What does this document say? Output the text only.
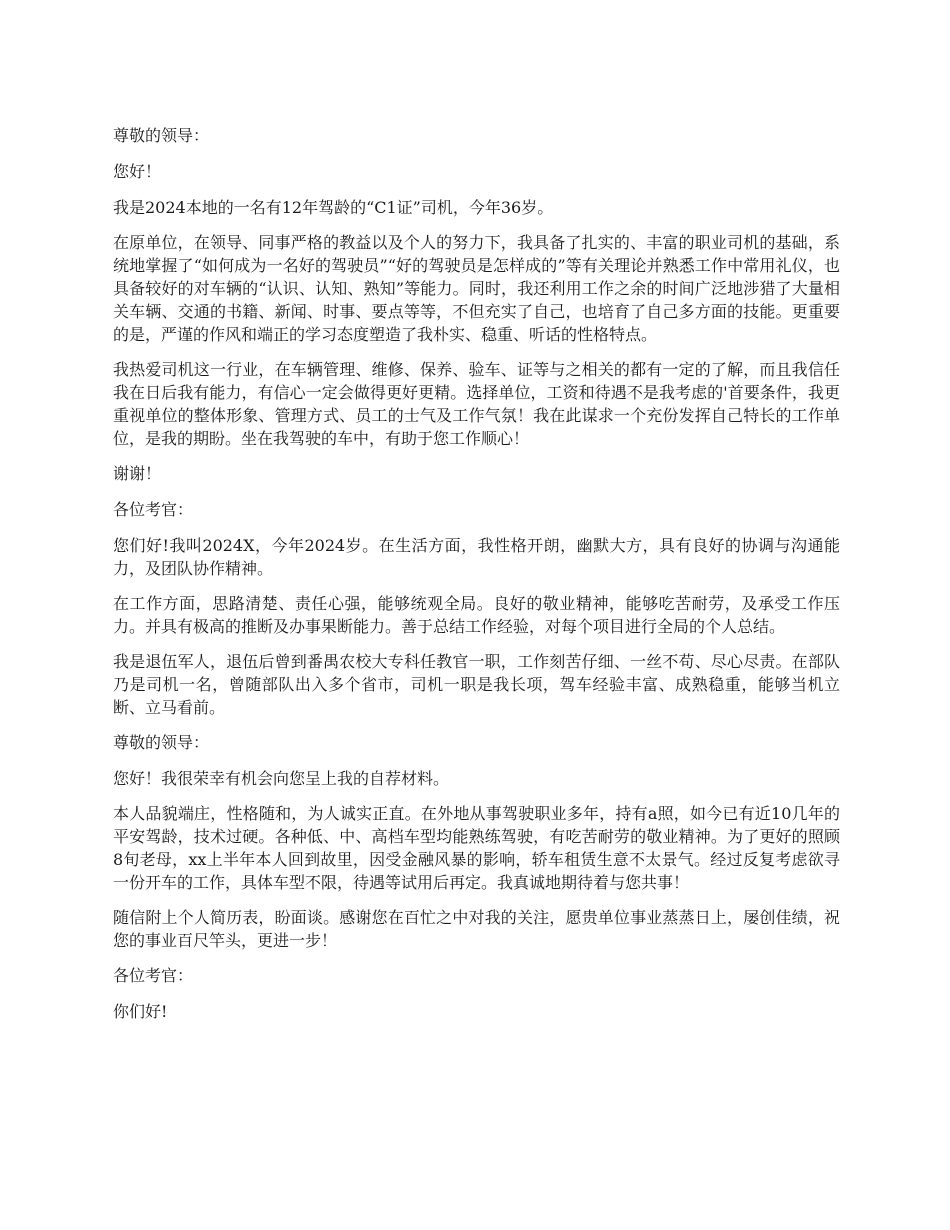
尊敬的领导：

您好！

我是2024本地的一名有12年驾龄的“C1证”司机，今年36岁。

在原单位，在领导、同事严格的教益以及个人的努力下，我具备了扎实的、丰富的职业司机的基础，系统地掌握了“如何成为一名好的驾驶员”“好的驾驶员是怎样成的”等有关理论并熟悉工作中常用礼仪，也具备较好的对车辆的“认识、认知、熟知”等能力。同时，我还利用工作之余的时间广泛地涉猎了大量相关车辆、交通的书籍、新闻、时事、要点等等，不但充实了自己，也培育了自己多方面的技能。更重要的是，严谨的作风和端正的学习态度塑造了我朴实、稳重、听话的性格特点。

我热爱司机这一行业，在车辆管理、维修、保养、验车、证等与之相关的都有一定的了解，而且我信任我在日后我有能力，有信心一定会做得更好更精。选择单位，工资和待遇不是我考虑的'首要条件，我更重视单位的整体形象、管理方式、员工的士气及工作气氛！我在此谋求一个充份发挥自己特长的工作单位，是我的期盼。坐在我驾驶的车中，有助于您工作顺心！

谢谢！

各位考官：

您们好!我叫2024X，今年2024岁。在生活方面，我性格开朗，幽默大方，具有良好的协调与沟通能力，及团队协作精神。

在工作方面，思路清楚、责任心强，能够统观全局。良好的敬业精神，能够吃苦耐劳，及承受工作压力。并具有极高的推断及办事果断能力。善于总结工作经验，对每个项目进行全局的个人总结。

我是退伍军人，退伍后曾到番禺农校大专科任教官一职，工作刻苦仔细、一丝不苟、尽心尽责。在部队乃是司机一名，曾随部队出入多个省市，司机一职是我长项，驾车经验丰富、成熟稳重，能够当机立断、立马看前。

尊敬的领导：

您好！我很荣幸有机会向您呈上我的自荐材料。

本人品貌端庄，性格随和，为人诚实正直。在外地从事驾驶职业多年，持有a照，如今已有近10几年的平安驾龄，技术过硬。各种低、中、高档车型均能熟练驾驶，有吃苦耐劳的敬业精神。为了更好的照顾8旬老母，xx上半年本人回到故里，因受金融风暴的影响，轿车租赁生意不太景气。经过反复考虑欲寻一份开车的工作，具体车型不限，待遇等试用后再定。我真诚地期待着与您共事！

随信附上个人简历表，盼面谈。感谢您在百忙之中对我的关注，愿贵单位事业蒸蒸日上，屡创佳绩，祝您的事业百尺竿头，更进一步！

各位考官：

你们好!
